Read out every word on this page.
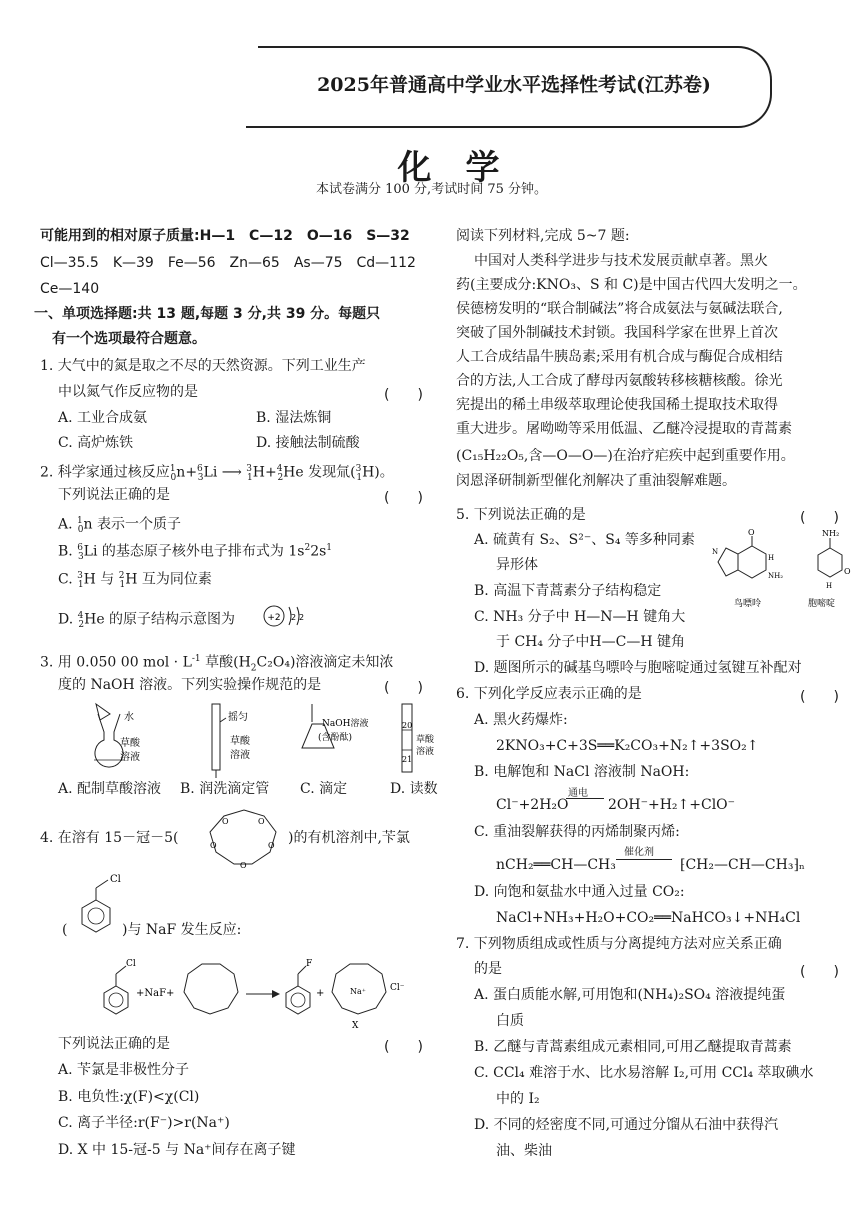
2025年普通高中学业水平选择性考试(江苏卷)
化学
本试卷满分 100 分,考试时间 75 分钟。
可能用到的相对原子质量:H—1　C—12　O—16　S—32
Cl—35.5　K—39　Fe—56　Zn—65　As—75　Cd—112
Ce—140
一、单项选择题:共 13 题,每题 3 分,共 39 分。每题只
有一个选项最符合题意。
1. 大气中的氮是取之不尽的天然资源。下列工业生产
中以氮气作反应物的是	(　　)
A. 工业合成氨	B. 湿法炼铜
C. 高炉炼铁	D. 接触法制硫酸
2. 科学家通过核反应$^1_0$n+$^6_3$Li ⟶ $^3_1$H+$^4_2$He 发现氚($^3_1$H)。
下列说法正确的是	(　　)
A. $^1_0$n 表示一个质子
B. $^6_3$Li 的基态原子核外电子排布式为 $1s^22s^1$
C. $^3_1$H 与 $^2_1$H 互为同位素
D. $^4_2$He 的原子结构示意图为	+2 2 2
3. 用 0.050 00 mol · $L^{-1}$ 草酸$(H_2C_2O_4)$溶液滴定未知浓
度的 NaOH 溶液。下列实验操作规范的是	(　　)
水
草酸
溶液
摇匀
草酸
溶液
NaOH溶液
(含酚酞)
20
21
草酸
溶液
A. 配制草酸溶液 B. 润洗滴定管 C. 滴定	D. 读数
4. 在溶有 15－冠－5(
O	O
O	O
O
)的有机溶剂中,苄氯
Cl
(	)与 NaF 发生反应:
Cl
+NaF+
F
+	Na⁺	Cl⁻
X
下列说法正确的是	(　　)
A. 苄氯是非极性分子
B. 电负性:χ(F)<χ(Cl)
C. 离子半径:r(F⁻)>r(Na⁺)
D. X 中 15-冠-5 与 Na⁺间存在离子键
阅读下列材料,完成 5~7 题:
中国对人类科学进步与技术发展贡献卓著。黑火
药(主要成分:KNO₃、S 和 C)是中国古代四大发明之一。
侯德榜发明的“联合制碱法”将合成氨法与氨碱法联合,
突破了国外制碱技术封锁。我国科学家在世界上首次
人工合成结晶牛胰岛素;采用有机合成与酶促合成相结
合的方法,人工合成了酵母丙氨酸转移核糖核酸。徐光
宪提出的稀土串级萃取理论使我国稀土提取技术取得
重大进步。屠呦呦等采用低温、乙醚冷浸提取的青蒿素
(C₁₅H₂₂O₅,含—O—O—)在治疗疟疾中起到重要作用。
闵恩泽研制新型催化剂解决了重油裂解难题。
5. 下列说法正确的是	(　　)
A. 硫黄有 S₂、S²⁻、S₄ 等多种同素
异形体
B. 高温下青蒿素分子结构稳定
C. NH₃ 分子中 H—N—H 键角大
于 CH₄ 分子中H—C—H 键角
D. 题图所示的碱基鸟嘌呤与胞嘧啶通过氢键互补配对
O
H
N
NH₂
鸟嘌呤
NH₂
O
H
胞嘧啶
6. 下列化学反应表示正确的是	(　　)
A. 黑火药爆炸:
2KNO₃+C+3S══K₂CO₃+N₂↑+3SO₂↑
B. 电解饱和 NaCl 溶液制 NaOH:
Cl⁻+2H₂O
通电
2OH⁻+H₂↑+ClO⁻
C. 重油裂解获得的丙烯制聚丙烯:
nCH₂══CH—CH₃
催化剂
⁅CH₂—CH—CH₃⁆ₙ
D. 向饱和氨盐水中通入过量 CO₂:
NaCl+NH₃+H₂O+CO₂══NaHCO₃↓+NH₄Cl
7. 下列物质组成或性质与分离提纯方法对应关系正确
的是	(　　)
A. 蛋白质能水解,可用饱和(NH₄)₂SO₄ 溶液提纯蛋
白质
B. 乙醚与青蒿素组成元素相同,可用乙醚提取青蒿素
C. CCl₄ 难溶于水、比水易溶解 I₂,可用 CCl₄ 萃取碘水
中的 I₂
D. 不同的烃密度不同,可通过分馏从石油中获得汽
油、柴油
